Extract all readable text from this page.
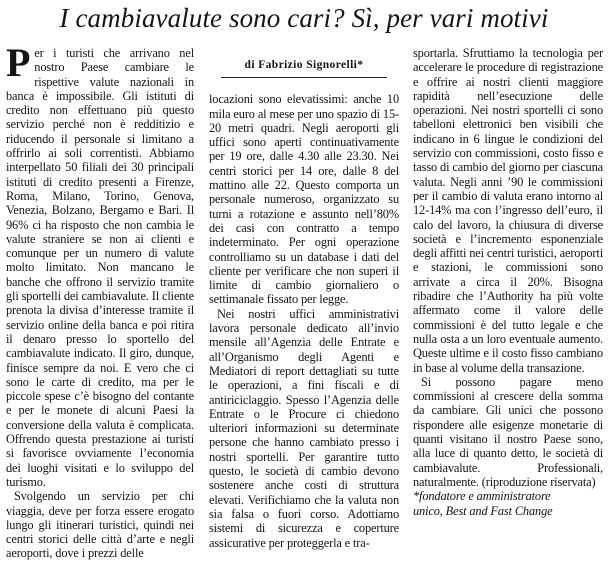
I cambiavalute sono cari? Sì, per vari motivi

Per i turisti che arrivano nel nostro Paese cambiare le rispettive valute nazionali in banca è impossibile. Gli istituti di credito non effettuano più questo servizio perché non è redditizio e riducendo il personale si limitano a offrirlo ai soli correntisti. Abbiamo interpellato 50 filiali dei 30 principali istituti di credito presenti a Firenze, Roma, Milano, Torino, Genova, Venezia, Bolzano, Bergamo e Bari. Il 96% ci ha risposto che non cambia le valute straniere se non ai clienti e comunque per un numero di valute molto limitato. Non mancano le banche che offrono il servizio tramite gli sportelli dei cambiavalute. Il cliente prenota la divisa d’interesse tramite il servizio online della banca e poi ritira il denaro presso lo sportello del cambiavalute indicato. Il giro, dunque, finisce sempre da noi. E vero che ci sono le carte di credito, ma per le piccole spese c’è bisogno del contante e per le monete di alcuni Paesi la conversione della valuta è complicata. Offrendo questa prestazione ai turisti si favorisce ovviamente l’economia dei luoghi visitati e lo sviluppo del turismo.

Svolgendo un servizio per chi viaggia, deve per forza essere erogato lungo gli itinerari turistici, quindi nei centri storici delle città d’arte e negli aeroporti, dove i prezzi delle

di Fabrizio Signorelli*

locazioni sono elevatissimi: anche 10 mila euro al mese per uno spazio di 15-20 metri quadri. Negli aeroporti gli uffici sono aperti continuativamente per 19 ore, dalle 4.30 alle 23.30. Nei centri storici per 14 ore, dalle 8 del mattino alle 22. Questo comporta un personale numeroso, organizzato su turni a rotazione e assunto nell’80% dei casi con contratto a tempo indeterminato. Per ogni operazione controlliamo su un database i dati del cliente per verificare che non superi il limite di cambio giornaliero o settimanale fissato per legge.

Nei nostri uffici amministrativi lavora personale dedicato all’invio mensile all’Agenzia delle Entrate e all’Organismo degli Agenti e Mediatori di report dettagliati su tutte le operazioni, a fini fiscali e di antiriciclaggio. Spesso l’Agenzia delle Entrate o le Procure ci chiedono ulteriori informazioni su determinate persone che hanno cambiato presso i nostri sportelli. Per garantire tutto questo, le società di cambio devono sostenere anche costi di struttura elevati. Verifichiamo che la valuta non sia falsa o fuori corso. Adottiamo sistemi di sicurezza e coperture assicurative per proteggerla e tra-

sportarla. Sfruttiamo la tecnologia per accelerare le procedure di registrazione e offrire ai nostri clienti maggiore rapidità nell’esecuzione delle operazioni. Nei nostri sportelli ci sono tabelloni elettronici ben visibili che indicano in 6 lingue le condizioni del servizio con commissioni, costo fisso e tasso di cambio del giorno per ciascuna valuta. Negli anni ’90 le commissioni per il cambio di valuta erano intorno al 12-14% ma con l’ingresso dell’euro, il calo del lavoro, la chiusura di diverse società e l’incremento esponenziale degli affitti nei centri turistici, aeroporti e stazioni, le commissioni sono arrivate a circa il 20%. Bisogna ribadire che l’Authority ha più volte affermato come il valore delle commissioni è del tutto legale e che nulla osta a un loro eventuale aumento. Queste ultime e il costo fisso cambiano in base al volume della transazione.

Si possono pagare meno commissioni al crescere della somma da cambiare. Gli unici che possono rispondere alle esigenze monetarie di quanti visitano il nostro Paese sono, alla luce di quanto detto, le società di cambiavalute. Professionali, naturalmente. (riproduzione riservata)

*fondatore e amministratore
unico, Best and Fast Change
